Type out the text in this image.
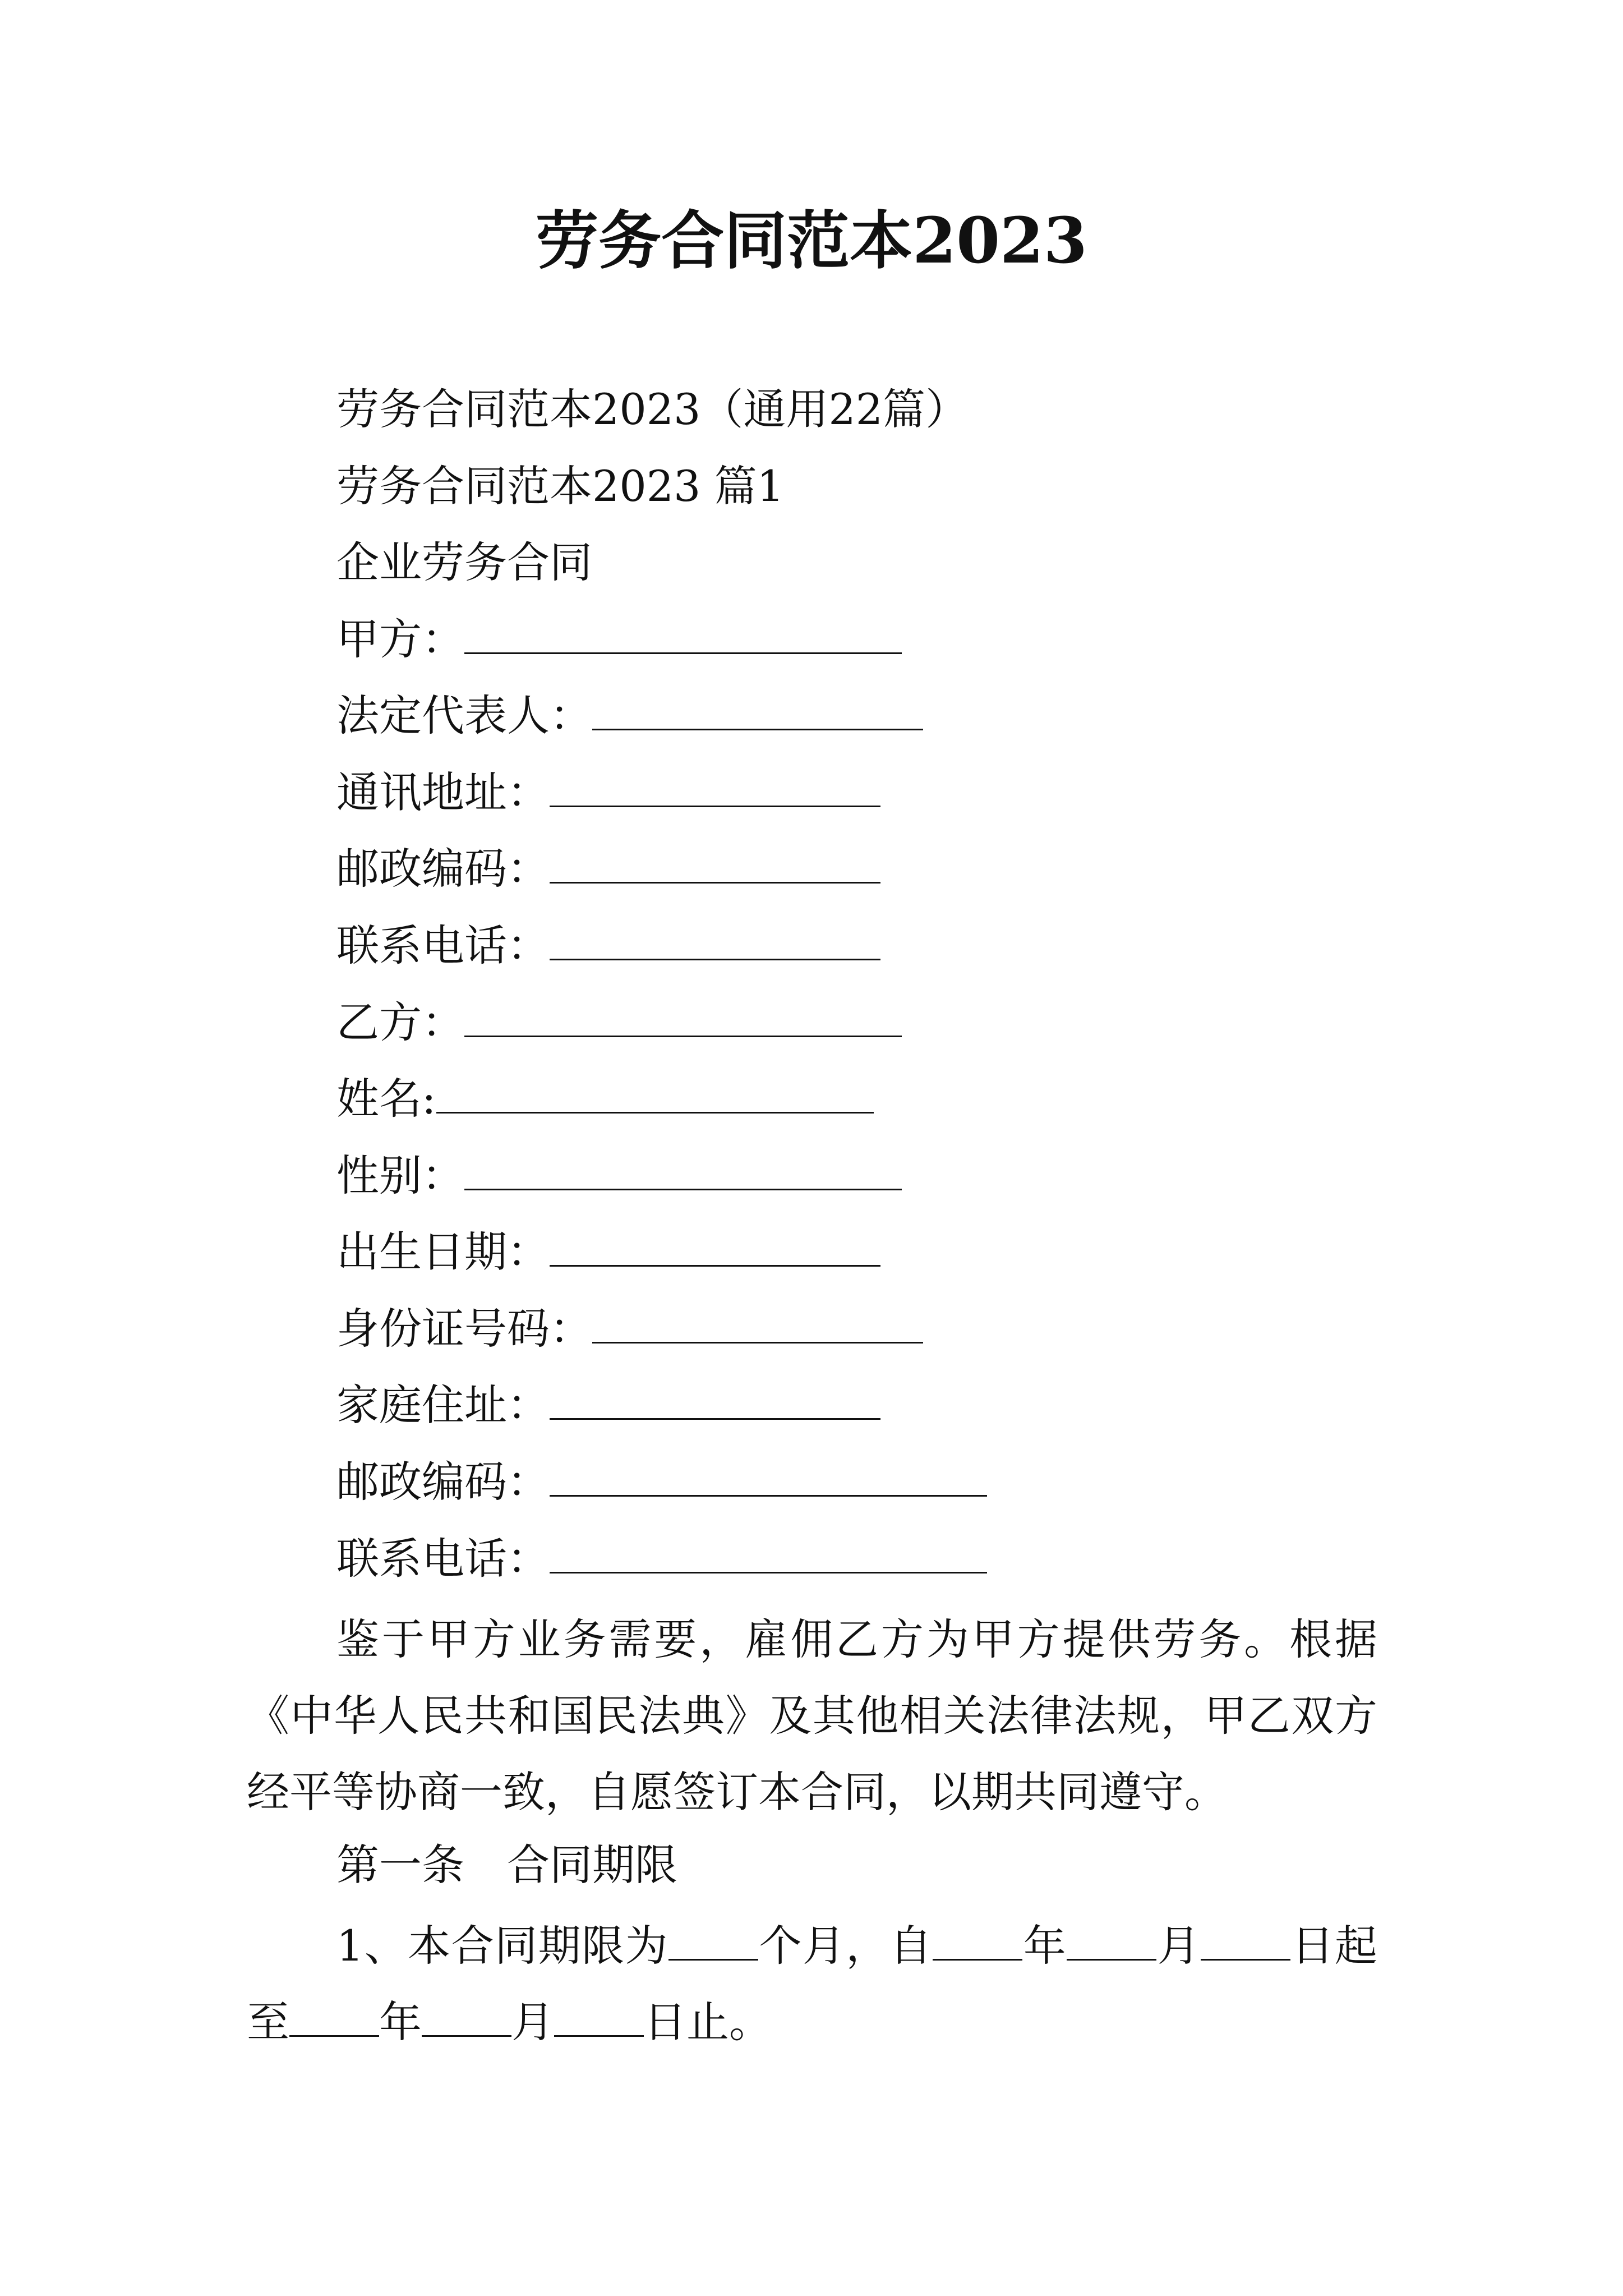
劳务合同范本2023
劳务合同范本2023（通用22篇）
劳务合同范本2023 篇1
企业劳务合同
甲方：
法定代表人：
通讯地址：
邮政编码：
联系电话：
乙方：
姓名:
性别：
出生日期：
身份证号码：
家庭住址：
邮政编码：
联系电话：
鉴于甲方业务需要，雇佣乙方为甲方提供劳务。根据《中华人民共和国民法典》及其他相关法律法规，甲乙双方经平等协商一致，自愿签订本合同，以期共同遵守。
第一条　合同期限
1、本合同期限为 个月，自 年 月 日起至 年 月 日止。
